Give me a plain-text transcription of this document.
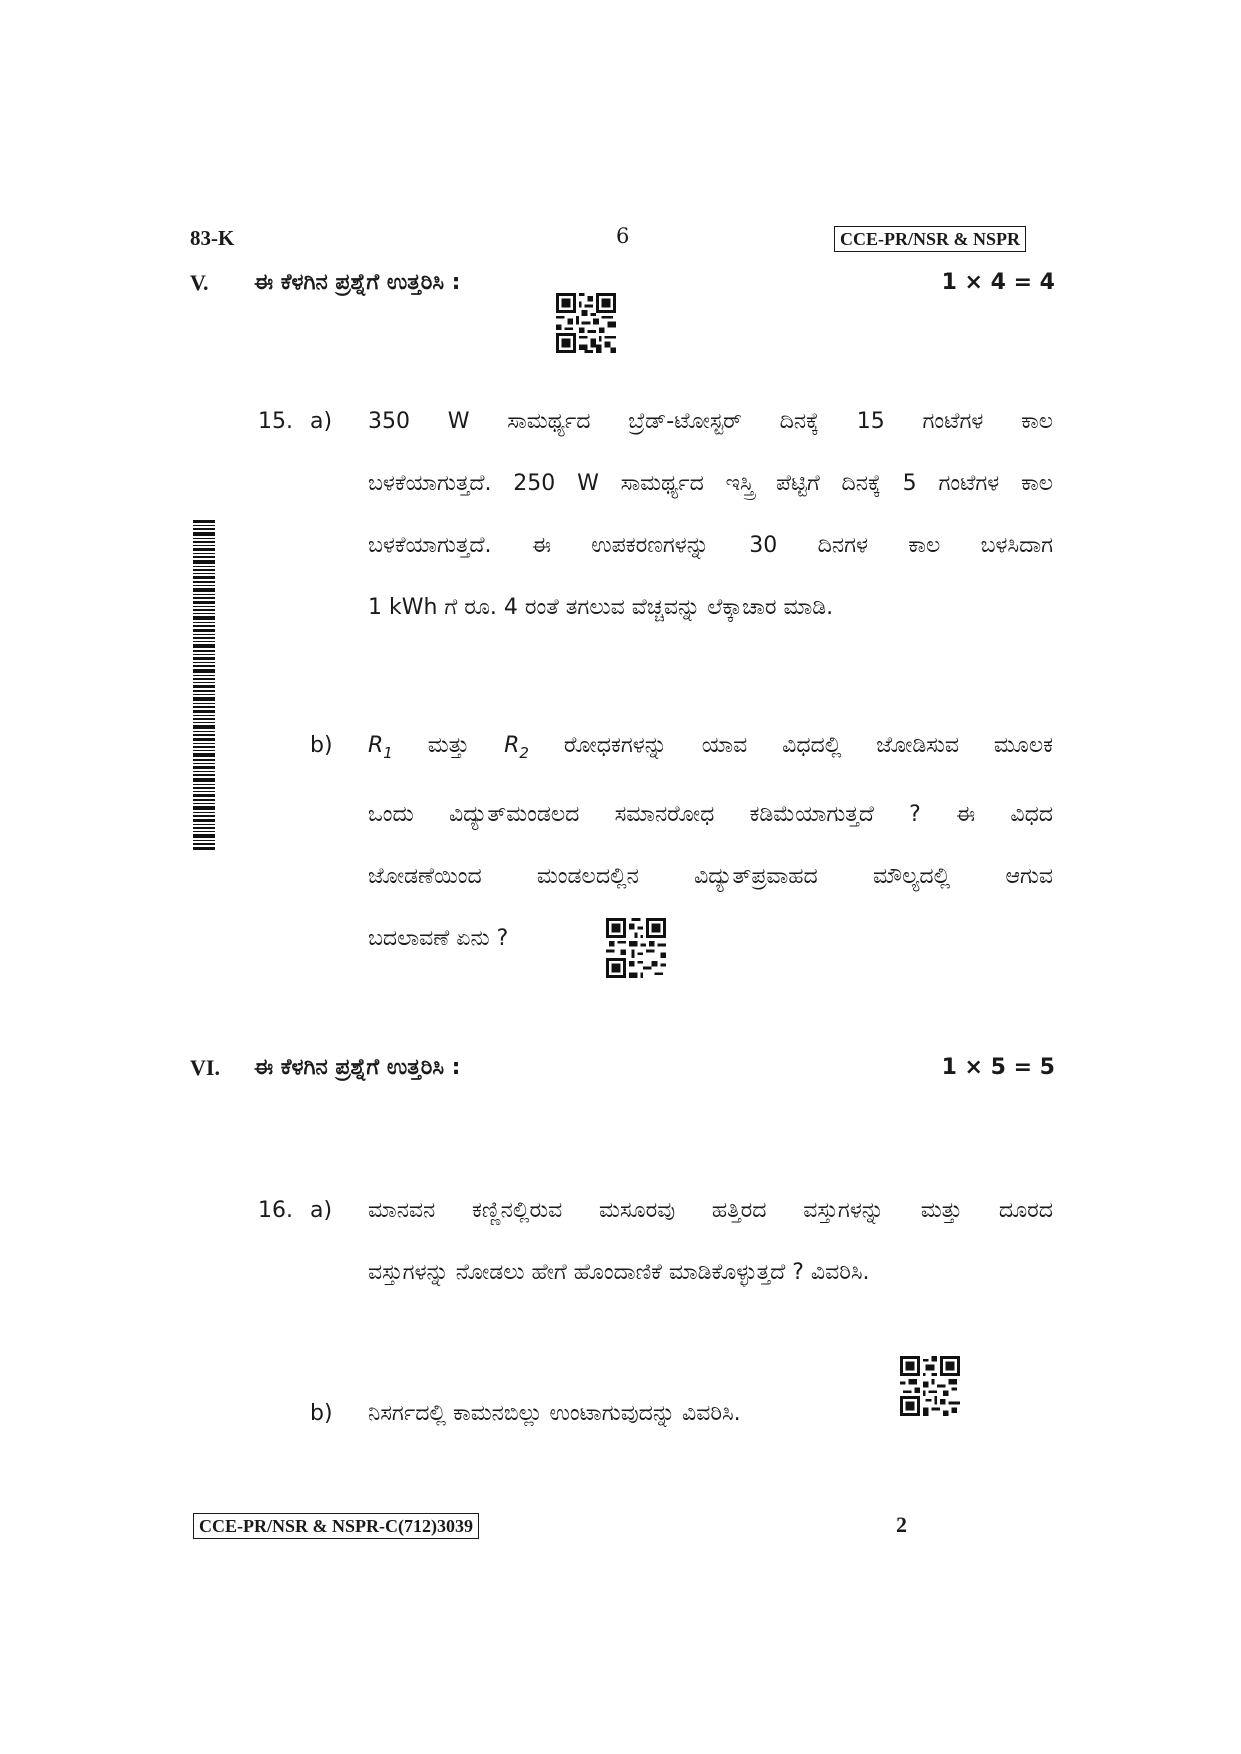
83-K	6	CCE-PR/NSR & NSPR
V. ಈ ಕೆಳಗಿನ ಪ್ರಶ್ನೆಗೆ ಉತ್ತರಿಸಿ :	1 × 4 = 4
15. a) 350 W ಸಾಮರ್ಥ್ಯದ ಬ್ರೆಡ್-ಟೋಸ್ಟರ್ ದಿನಕ್ಕೆ 15 ಗಂಟೆಗಳ ಕಾಲ
ಬಳಕೆಯಾಗುತ್ತದೆ. 250 W ಸಾಮರ್ಥ್ಯದ ಇಸ್ತ್ರಿ ಪೆಟ್ಟಿಗೆ ದಿನಕ್ಕೆ 5 ಗಂಟೆಗಳ ಕಾಲ
ಬಳಕೆಯಾಗುತ್ತದೆ. ಈ ಉಪಕರಣಗಳನ್ನು 30 ದಿನಗಳ ಕಾಲ ಬಳಸಿದಾಗ
1 kWh ಗೆ ರೂ. 4 ರಂತೆ ತಗಲುವ ವೆಚ್ಚವನ್ನು ಲೆಕ್ಕಾಚಾರ ಮಾಡಿ.
b) $R_1$ ಮತ್ತು $R_2$ ರೋಧಕಗಳನ್ನು ಯಾವ ವಿಧದಲ್ಲಿ ಜೋಡಿಸುವ ಮೂಲಕ
ಒಂದು ವಿದ್ಯುತ್‌ಮಂಡಲದ ಸಮಾನರೋಧ ಕಡಿಮೆಯಾಗುತ್ತದೆ ? ಈ ವಿಧದ
ಜೋಡಣೆಯಿಂದ ಮಂಡಲದಲ್ಲಿನ ವಿದ್ಯುತ್‌ಪ್ರವಾಹದ ಮೌಲ್ಯದಲ್ಲಿ ಆಗುವ
ಬದಲಾವಣೆ ಏನು ?
VI. ಈ ಕೆಳಗಿನ ಪ್ರಶ್ನೆಗೆ ಉತ್ತರಿಸಿ :	1 × 5 = 5
16. a) ಮಾನವನ ಕಣ್ಣಿನಲ್ಲಿರುವ ಮಸೂರವು ಹತ್ತಿರದ ವಸ್ತುಗಳನ್ನು ಮತ್ತು ದೂರದ
ವಸ್ತುಗಳನ್ನು ನೋಡಲು ಹೇಗೆ ಹೊಂದಾಣಿಕೆ ಮಾಡಿಕೊಳ್ಳುತ್ತದೆ ? ವಿವರಿಸಿ.
b) ನಿಸರ್ಗದಲ್ಲಿ ಕಾಮನಬಿಲ್ಲು ಉಂಟಾಗುವುದನ್ನು ವಿವರಿಸಿ.
CCE-PR/NSR & NSPR-C(712)3039	2
